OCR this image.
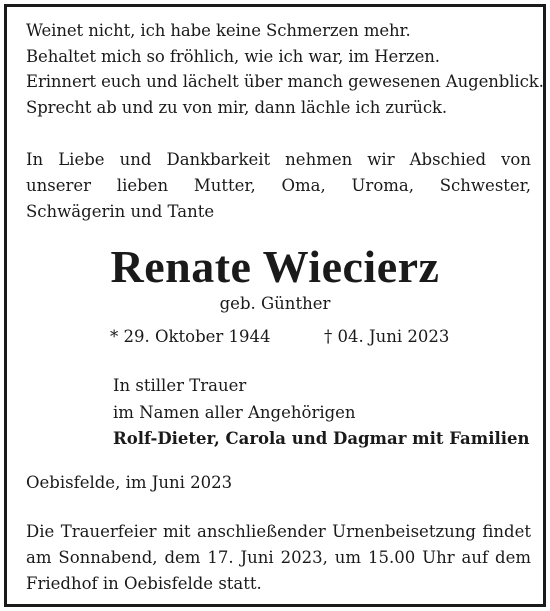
Weinet nicht, ich habe keine Schmerzen mehr.
Behaltet mich so fröhlich, wie ich war, im Herzen.
Erinnert euch und lächelt über manch gewesenen Augenblick.
Sprecht ab und zu von mir, dann lächle ich zurück.
In Liebe und Dankbarkeit nehmen wir Abschied von unserer lieben Mutter, Oma, Uroma, Schwester, Schwägerin und Tante
Renate Wiecierz
geb. Günther
* 29. Oktober 1944	† 04. Juni 2023
In stiller Trauer
im Namen aller Angehörigen
Rolf-Dieter, Carola und Dagmar mit Familien
Oebisfelde, im Juni 2023
Die Trauerfeier mit anschließender Urnenbeisetzung findet am Sonnabend, dem 17. Juni 2023, um 15.00 Uhr auf dem Friedhof in Oebisfelde statt.
